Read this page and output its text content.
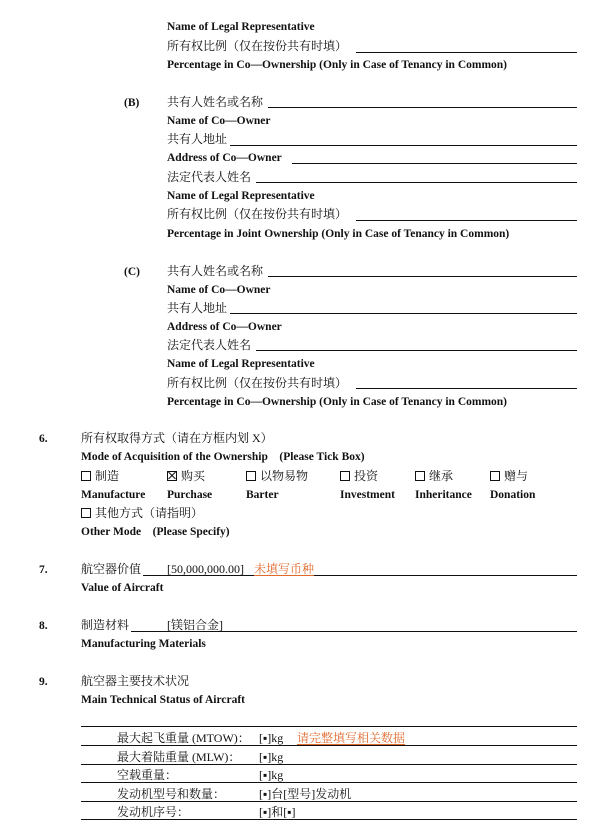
Name of Legal Representative
所有权比例（仅在按份共有时填）
Percentage in Co—Ownership (Only in Case of Tenancy in Common)
(B) 共有人姓名或名称
Name of Co—Owner
共有人地址
Address of Co—Owner
法定代表人姓名
Name of Legal Representative
所有权比例（仅在按份共有时填）
Percentage in Joint Ownership (Only in Case of Tenancy in Common)
(C) 共有人姓名或名称
Name of Co—Owner
共有人地址
Address of Co—Owner
法定代表人姓名
Name of Legal Representative
所有权比例（仅在按份共有时填）
Percentage in Co—Ownership (Only in Case of Tenancy in Common)
6.	所有权取得方式（请在方框内划 X）
Mode of Acquisition of the Ownership　(Please Tick Box)
制造	购买	以物易物	投资	继承	赠与
Manufacture Purchase	Barter	Investment Inheritance Donation
其他方式（请指明）
Other Mode　(Please Specify)
7.	航空器价值 [50,000,000.00] 未填写币种
Value of Aircraft
8.	制造材料	[镁铝合金]
Manufacturing Materials
9.	航空器主要技术状况
Main Technical Status of Aircraft
最大起飞重量 (MTOW)： [▪]kg 请完整填写相关数据
最大着陆重量 (MLW)： [▪]kg
空载重量：	[▪]kg
发动机型号和数量：	[▪]台[型号]发动机
发动机序号：	[▪]和[▪]
